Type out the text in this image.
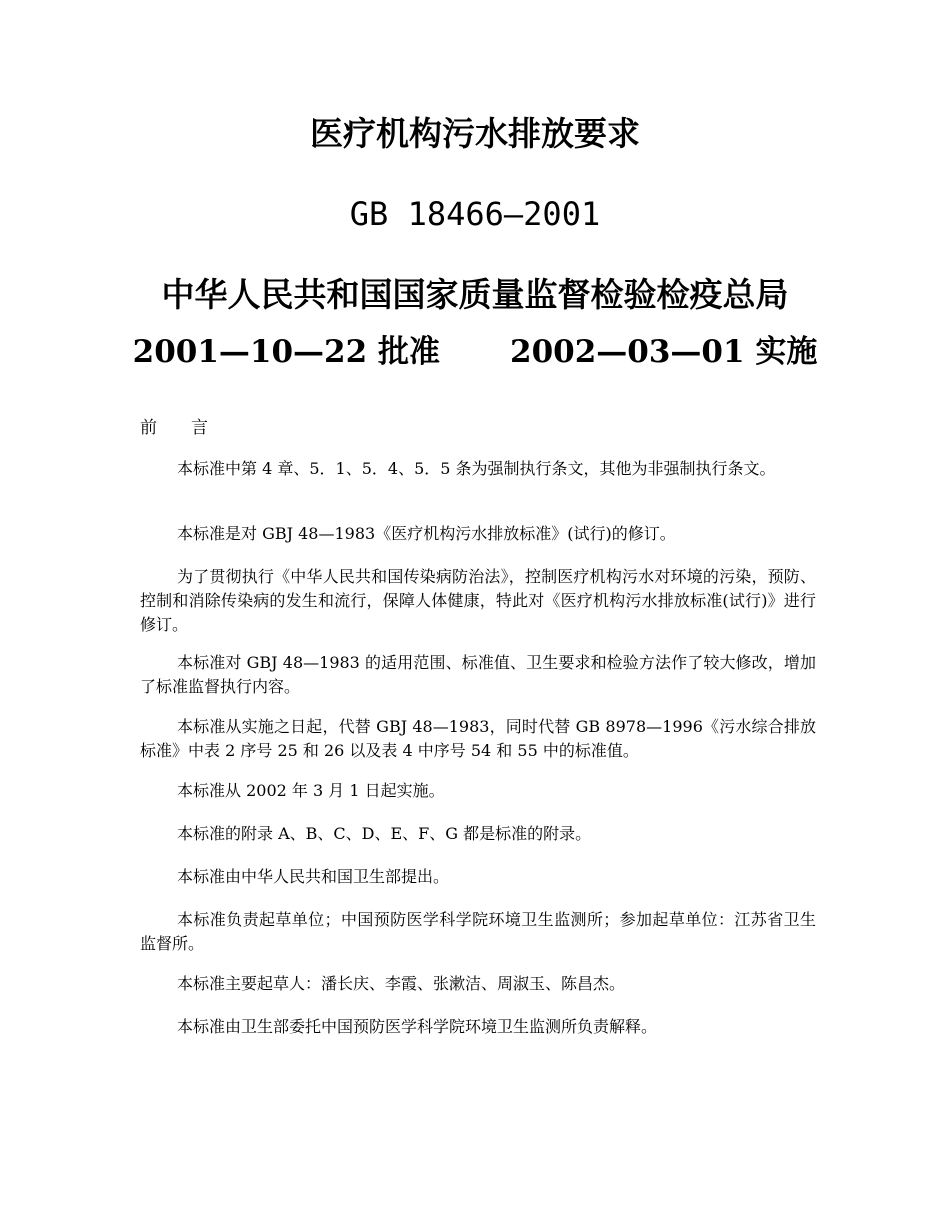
医疗机构污水排放要求
GB 18466—2001
中华人民共和国国家质量监督检验检疫总局
2001—10—22 批准 2002—03—01 实施
前 言

本标准中第 4 章、5．1、5．4、5．5 条为强制执行条文，其他为非强制执行条文。

本标准是对 GBJ 48—1983《医疗机构污水排放标准》(试行)的修订。

为了贯彻执行《中华人民共和国传染病防治法》，控制医疗机构污水对环境的污染，预防、控制和消除传染病的发生和流行，保障人体健康，特此对《医疗机构污水排放标准(试行)》进行修订。

本标准对 GBJ 48—1983 的适用范围、标准值、卫生要求和检验方法作了较大修改，增加了标准监督执行内容。

本标准从实施之日起，代替 GBJ 48—1983，同时代替 GB 8978—1996《污水综合排放标准》中表 2 序号 25 和 26 以及表 4 中序号 54 和 55 中的标准值。

本标准从 2002 年 3 月 1 日起实施。

本标准的附录 A、B、C、D、E、F、G 都是标准的附录。

本标准由中华人民共和国卫生部提出。

本标准负责起草单位；中国预防医学科学院环境卫生监测所；参加起草单位：江苏省卫生监督所。

本标准主要起草人：潘长庆、李霞、张漱洁、周淑玉、陈昌杰。

本标准由卫生部委托中国预防医学科学院环境卫生监测所负责解释。
